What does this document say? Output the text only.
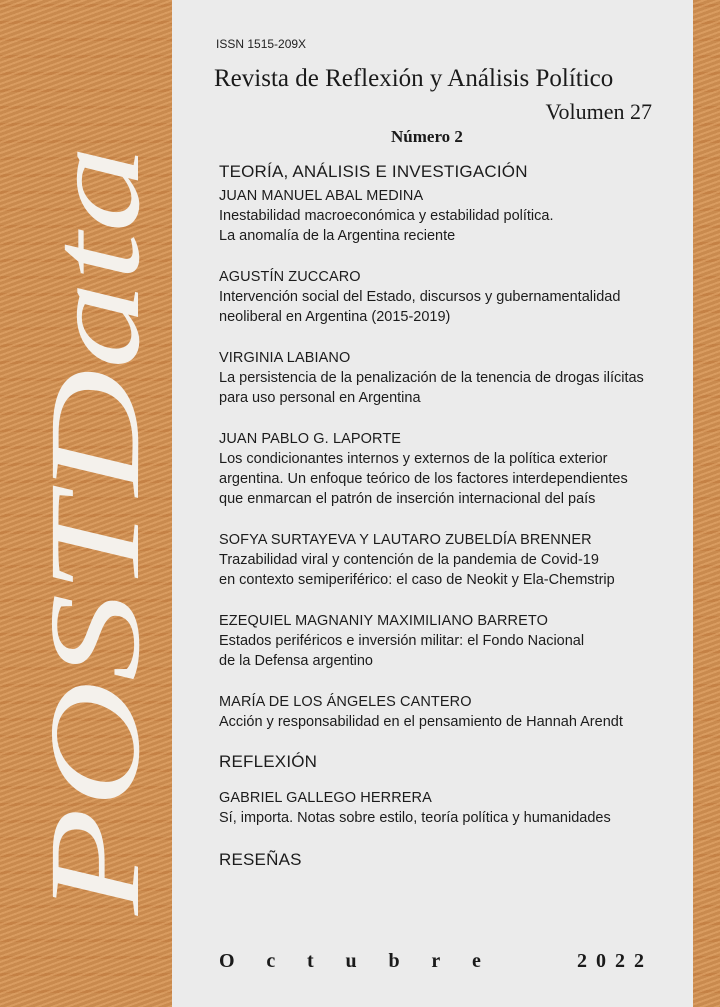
POSTData
ISSN 1515-209X
Revista de Reflexión y Análisis Político
Volumen 27
Número 2
TEORÍA, ANÁLISIS E INVESTIGACIÓN
JUAN MANUEL ABAL MEDINA
Inestabilidad macroeconómica y estabilidad política.
La anomalía de la Argentina reciente
AGUSTÍN ZUCCARO
Intervención social del Estado, discursos y gubernamentalidad
neoliberal en Argentina (2015-2019)
VIRGINIA LABIANO
La persistencia de la penalización de la tenencia de drogas ilícitas
para uso personal en Argentina
JUAN PABLO G. LAPORTE
Los condicionantes internos y externos de la política exterior
argentina. Un enfoque teórico de los factores interdependientes
que enmarcan el patrón de inserción internacional del país
SOFYA SURTAYEVA Y LAUTARO ZUBELDÍA BRENNER
Trazabilidad viral y contención de la pandemia de Covid-19
en contexto semiperiférico: el caso de Neokit y Ela-Chemstrip
EZEQUIEL MAGNANIY MAXIMILIANO BARRETO
Estados periféricos e inversión militar: el Fondo Nacional
de la Defensa argentino
MARÍA DE LOS ÁNGELES CANTERO
Acción y responsabilidad en el pensamiento de Hannah Arendt
REFLEXIÓN
GABRIEL GALLEGO HERRERA
Sí, importa. Notas sobre estilo, teoría política y humanidades
RESEÑAS
O c t u b r e	2022
